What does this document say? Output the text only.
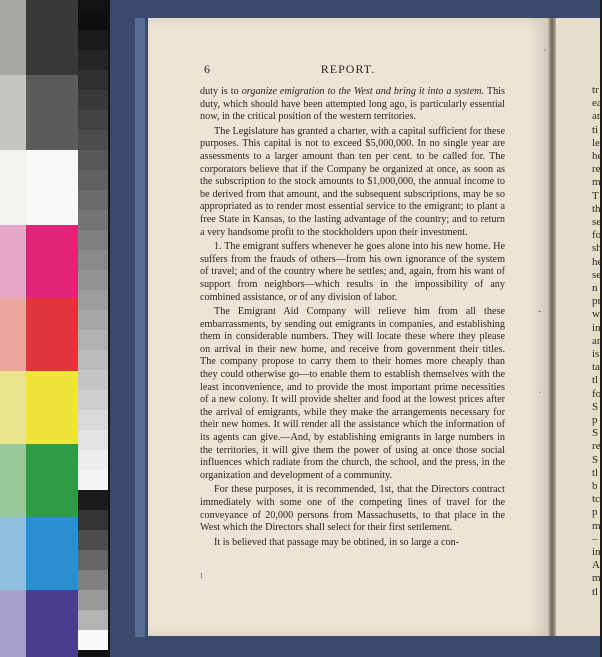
6	REPORT.

duty is to organize emigration to the West and bring it into a system. This duty, which should have been attempted long ago, is particularly essential now, in the critical position of the western territories.

The Legislature has granted a charter, with a capital sufficient for these purposes. This capital is not to exceed $5,000,000. In no single year are assessments to a larger amount than ten per cent. to be called for. The corporators believe that if the Company be organized at once, as soon as the subscription to the stock amounts to $1,000,000, the annual income to be derived from that amount, and the subsequent subscriptions, may be so appropriated as to render most essential service to the emigrant; to plant a free State in Kansas, to the lasting advantage of the country; and to return a very handsome profit to the stockholders upon their investment.

1. The emigrant suffers whenever he goes alone into his new home. He suffers from the frauds of others—from his own ignorance of the system of travel; and of the country where he settles; and, again, from his want of support from neighbors—which results in the impossibility of any combined assistance, or of any division of labor.

The Emigrant Aid Company will relieve him from all these embarrassments, by sending out emigrants in companies, and establishing them in considerable numbers. They will locate these where they please on arrival in their new home, and receive from government their titles. The company propose to carry them to their homes more cheaply than they could otherwise go—to enable them to establish themselves with the least inconvenience, and to provide the most important prime necessities of a new colony. It will provide shelter and food at the lowest prices after the arrival of emigrants, while they make the arrangements necessary for their new homes. It will render all the assistance which the information of its agents can give.—And, by establishing emigrants in large numbers in the territories, it will give them the power of using at once those social influences which radiate from the church, the school, and the press, in the organization and development of a community.

For these purposes, it is recommended, 1st, that the Directors contract immediately with some one of the competing lines of travel for the conveyance of 20,000 persons from Massachusetts, to that place in the West which the Directors shall select for their first settlement.

It is believed that passage may be obtined, in so large a con-

'
-
·
ı
tr
ea
ar
ti
le
he
re
m
T
th
se
fo
sh
he
se
n
pr
w
in
ar
is
ta
tl
fo
S
p
S
re
S
tl
b
tc
p
m
–
in
A
m
tl
